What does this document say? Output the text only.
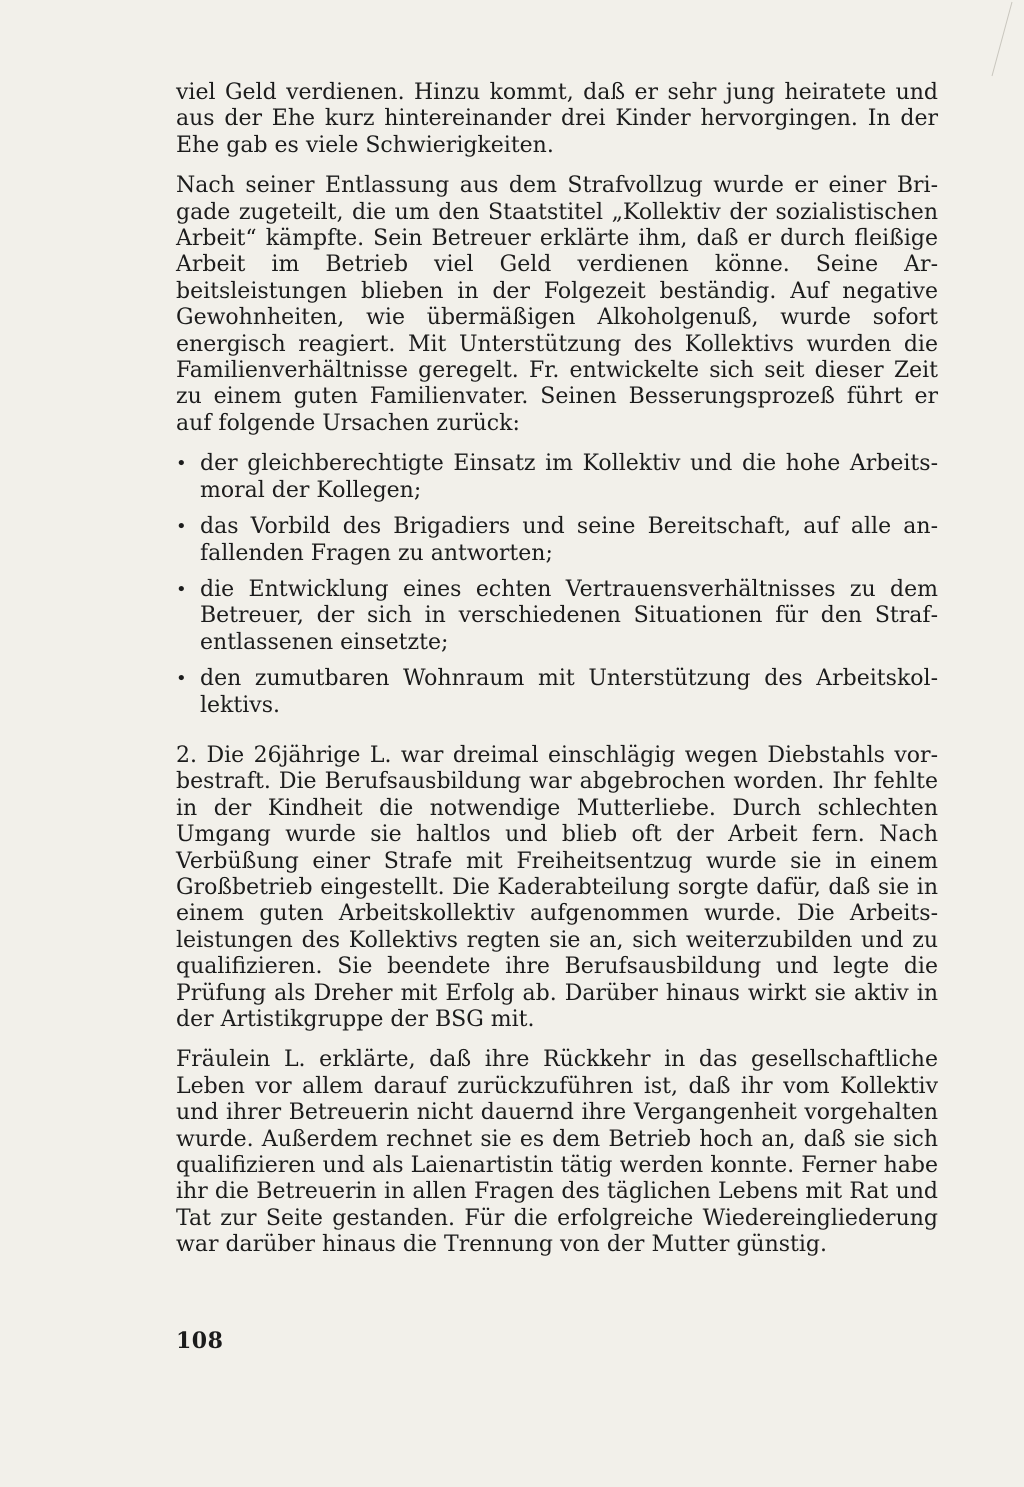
viel Geld verdienen. Hinzu kommt, daß er sehr jung heiratete und aus der Ehe kurz hintereinander drei Kinder hervorgingen. In der Ehe gab es viele Schwierigkeiten.

Nach seiner Entlassung aus dem Strafvollzug wurde er einer Brigade zugeteilt, die um den Staatstitel „Kollektiv der sozialistischen Arbeit“ kämpfte. Sein Betreuer erklärte ihm, daß er durch fleißige Arbeit im Betrieb viel Geld verdienen könne. Seine Arbeitsleistungen blieben in der Folgezeit beständig. Auf negative Gewohnheiten, wie übermäßigen Alkoholgenuß, wurde sofort energisch reagiert. Mit Unterstützung des Kollektivs wurden die Familienverhältnisse geregelt. Fr. entwickelte sich seit dieser Zeit zu einem guten Familienvater. Seinen Besserungsprozeß führt er auf folgende Ursachen zurück:

• der gleichberechtigte Einsatz im Kollektiv und die hohe Arbeitsmoral der Kollegen;
• das Vorbild des Brigadiers und seine Bereitschaft, auf alle anfallenden Fragen zu antworten;
• die Entwicklung eines echten Vertrauensverhältnisses zu dem Betreuer, der sich in verschiedenen Situationen für den Strafentlassenen einsetzte;
• den zumutbaren Wohnraum mit Unterstützung des Arbeitskollektivs.

2. Die 26jährige L. war dreimal einschlägig wegen Diebstahls vorbestraft. Die Berufsausbildung war abgebrochen worden. Ihr fehlte in der Kindheit die notwendige Mutterliebe. Durch schlechten Umgang wurde sie haltlos und blieb oft der Arbeit fern. Nach Verbüßung einer Strafe mit Freiheitsentzug wurde sie in einem Großbetrieb eingestellt. Die Kaderabteilung sorgte dafür, daß sie in einem guten Arbeitskollektiv aufgenommen wurde. Die Arbeitsleistungen des Kollektivs regten sie an, sich weiterzubilden und zu qualifizieren. Sie beendete ihre Berufsausbildung und legte die Prüfung als Dreher mit Erfolg ab. Darüber hinaus wirkt sie aktiv in der Artistikgruppe der BSG mit.

Fräulein L. erklärte, daß ihre Rückkehr in das gesellschaftliche Leben vor allem darauf zurückzuführen ist, daß ihr vom Kollektiv und ihrer Betreuerin nicht dauernd ihre Vergangenheit vorgehalten wurde. Außerdem rechnet sie es dem Betrieb hoch an, daß sie sich qualifizieren und als Laienartistin tätig werden konnte. Ferner habe ihr die Betreuerin in allen Fragen des täglichen Lebens mit Rat und Tat zur Seite gestanden. Für die erfolgreiche Wiedereingliederung war darüber hinaus die Trennung von der Mutter günstig.

108
